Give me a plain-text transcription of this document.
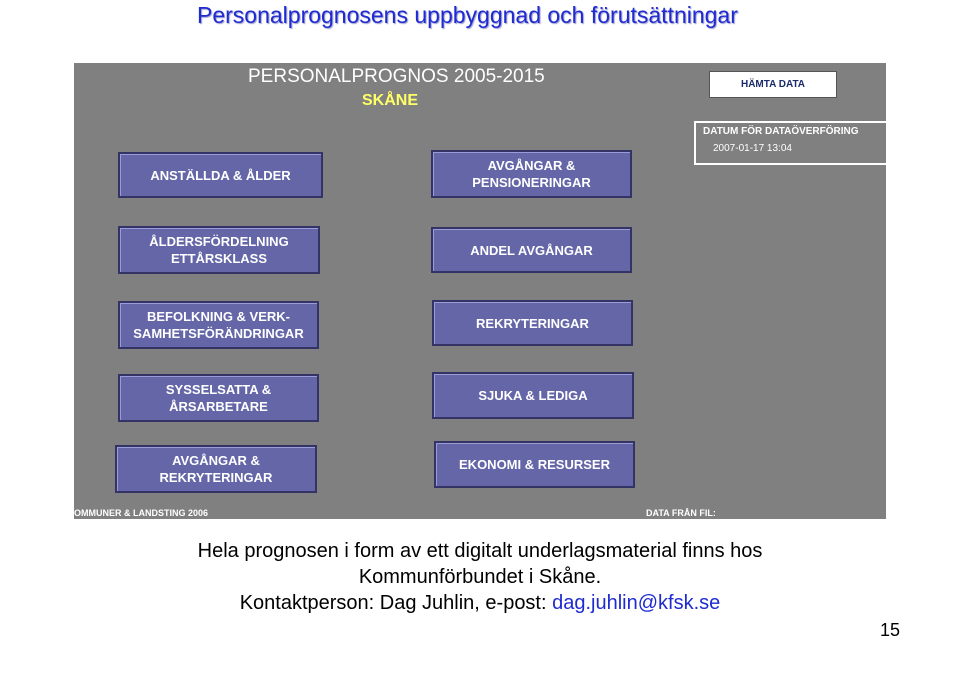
Personalprognosens uppbyggnad och förutsättningar
PERSONALPROGNOS 2005-2015
SKÅNE
HÄMTA DATA
DATUM FÖR DATAÖVERFÖRING
2007-01-17 13:04
ANSTÄLLDA & ÅLDER
AVGÅNGAR & PENSIONERINGAR
ÅLDERSFÖRDELNING ETTÅRSKLASS
ANDEL AVGÅNGAR
BEFOLKNING & VERK- SAMHETSFÖRÄNDRINGAR
REKRYTERINGAR
SYSSELSATTA & ÅRSARBETARE
SJUKA & LEDIGA
AVGÅNGAR & REKRYTERINGAR
EKONOMI & RESURSER
OMMUNER & LANDSTING 2006	DATA FRÅN FIL:
Hela prognosen i form av ett digitalt underlagsmaterial finns hos
Kommunförbundet i Skåne.
Kontaktperson: Dag Juhlin, e-post: dag.juhlin@kfsk.se
15
